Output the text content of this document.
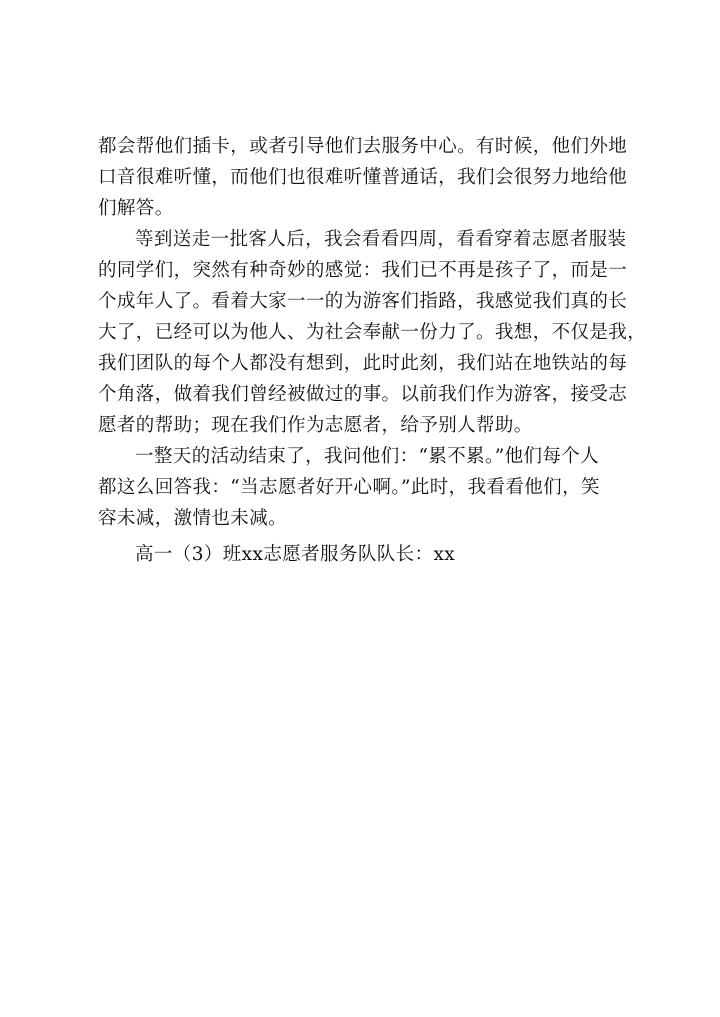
都会帮他们插卡，或者引导他们去服务中心。有时候，他们外地
口音很难听懂，而他们也很难听懂普通话，我们会很努力地给他
们解答。

等到送走一批客人后，我会看看四周，看看穿着志愿者服装
的同学们，突然有种奇妙的感觉：我们已不再是孩子了，而是一
个成年人了。看着大家一一的为游客们指路，我感觉我们真的长
大了，已经可以为他人、为社会奉献一份力了。我想，不仅是我，
我们团队的每个人都没有想到，此时此刻，我们站在地铁站的每
个角落，做着我们曾经被做过的事。以前我们作为游客，接受志
愿者的帮助；现在我们作为志愿者，给予别人帮助。

一整天的活动结束了，我问他们：“累不累。”他们每个人
都这么回答我：“当志愿者好开心啊。”此时，我看看他们，笑
容未减，激情也未减。

高一（3）班xx志愿者服务队队长：xx
